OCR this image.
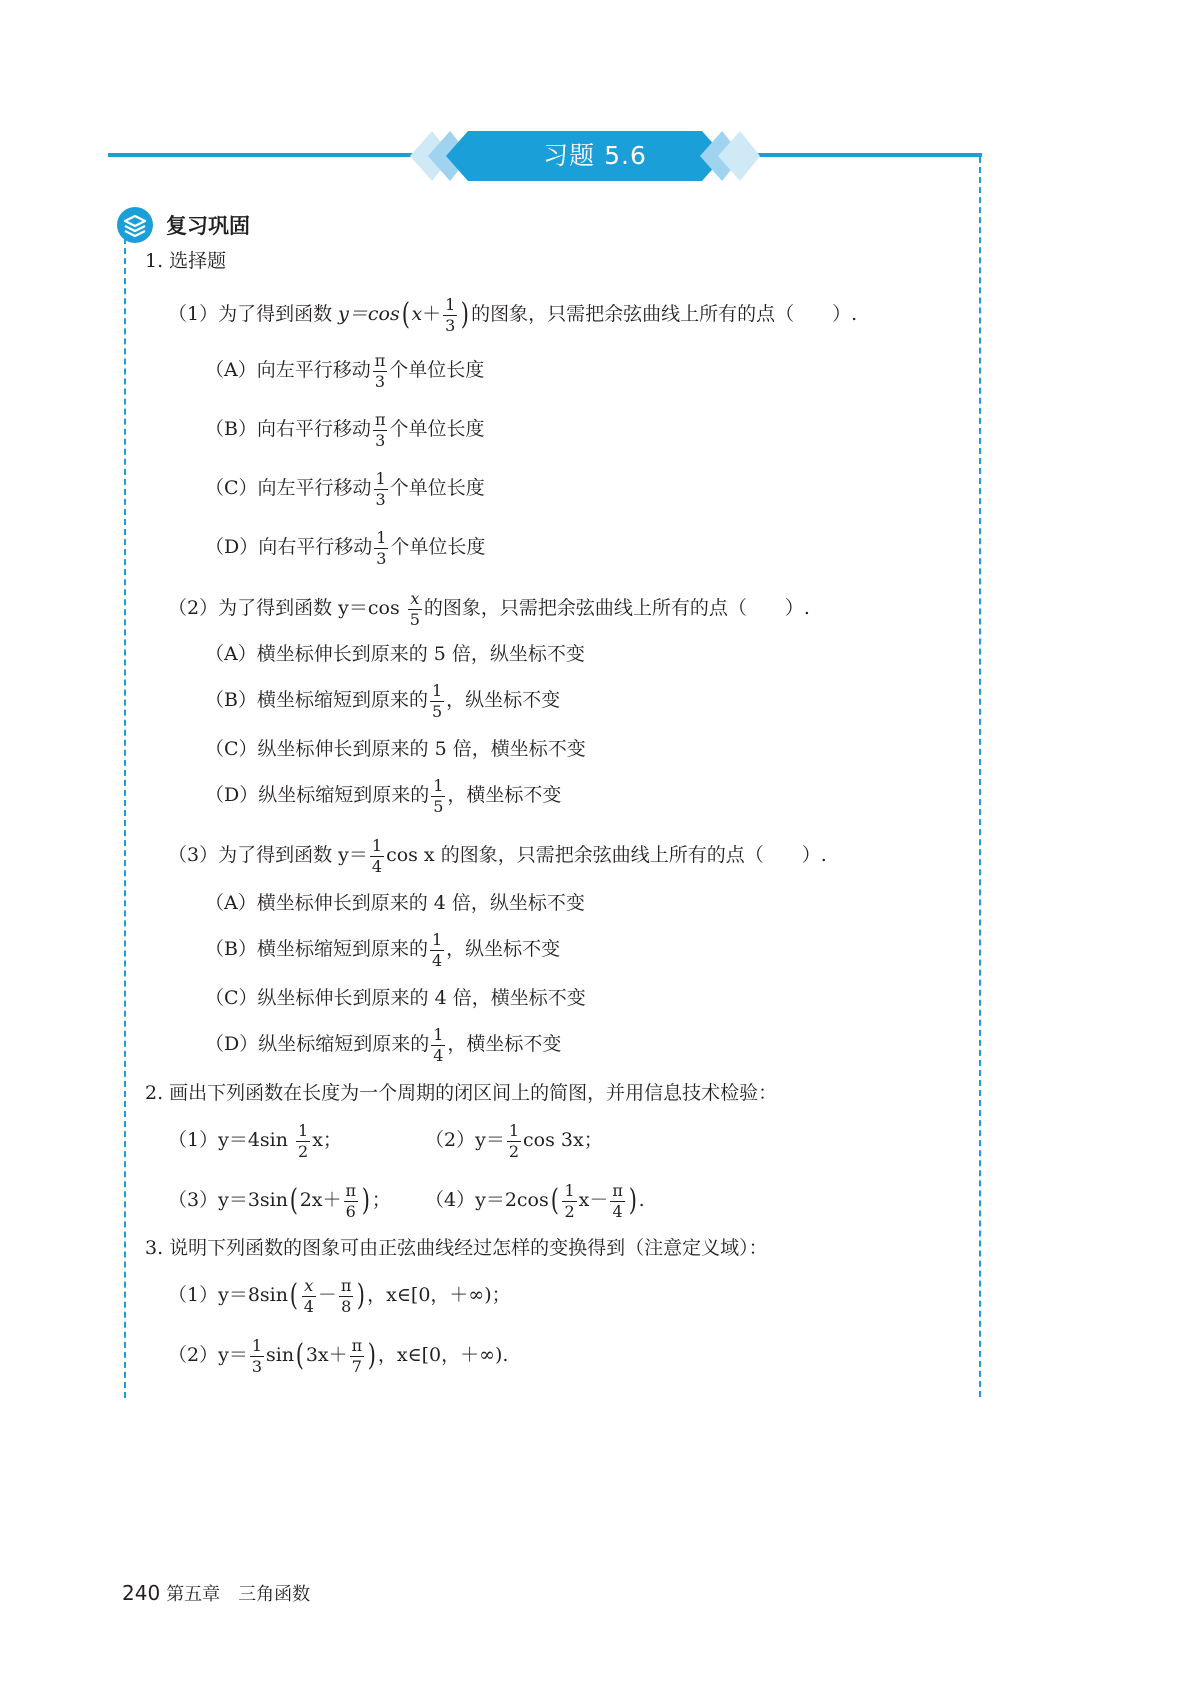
习题 5.6
复习巩固
1. 选择题
（1）为了得到函数 $y=\cos(x+ \frac{1}{3}$ )的图象，只需把余弦曲线上所有的点（　　）.
（A）向左平行移动 $\frac{\pi}{3}$ 个单位长度
（B）向右平行移动 $\frac{\pi}{3}$ 个单位长度
（C）向左平行移动 $\frac{1}{3}$ 个单位长度
（D）向右平行移动 $\frac{1}{3}$ 个单位长度
（2）为了得到函数 $y=\cos \frac{x}{5}$ 的图象，只需把余弦曲线上所有的点（　　）.
（A）横坐标伸长到原来的 5 倍，纵坐标不变
（B）横坐标缩短到原来的 $\frac{1}{5}$ ，纵坐标不变
（C）纵坐标伸长到原来的 5 倍，横坐标不变
（D）纵坐标缩短到原来的 $\frac{1}{5}$ ，横坐标不变
（3）为了得到函数 $y= \frac{1}{4}$ cos x 的图象，只需把余弦曲线上所有的点（　　）.
（A）横坐标伸长到原来的 4 倍，纵坐标不变
（B）横坐标缩短到原来的 $\frac{1}{4}$ ，纵坐标不变
（C）纵坐标伸长到原来的 4 倍，横坐标不变
（D）纵坐标缩短到原来的 $\frac{1}{4}$ ，横坐标不变
2. 画出下列函数在长度为一个周期的闭区间上的简图，并用信息技术检验：
$(1)y=4\sin \frac{1}{2}$ x；	$(2)y= \frac{1}{2}$ cos 3x；
$(3)y=3\sin(2x+ \frac{\pi}{6}$ )； $(4)y=2\cos( \frac{1}{2} x- \frac{\pi}{4}$ ).
3. 说明下列函数的图象可由正弦曲线经过怎样的变换得到（注意定义域）：
$(1)y=8\sin( \frac{x}{4} - \frac{\pi}{8}$ )，x∈[0，＋∞)；
$(2)y= \frac{1}{3} \sin(3x+ \frac{\pi}{7}$ )，x∈[0，＋∞).
240 第五章　三角函数
